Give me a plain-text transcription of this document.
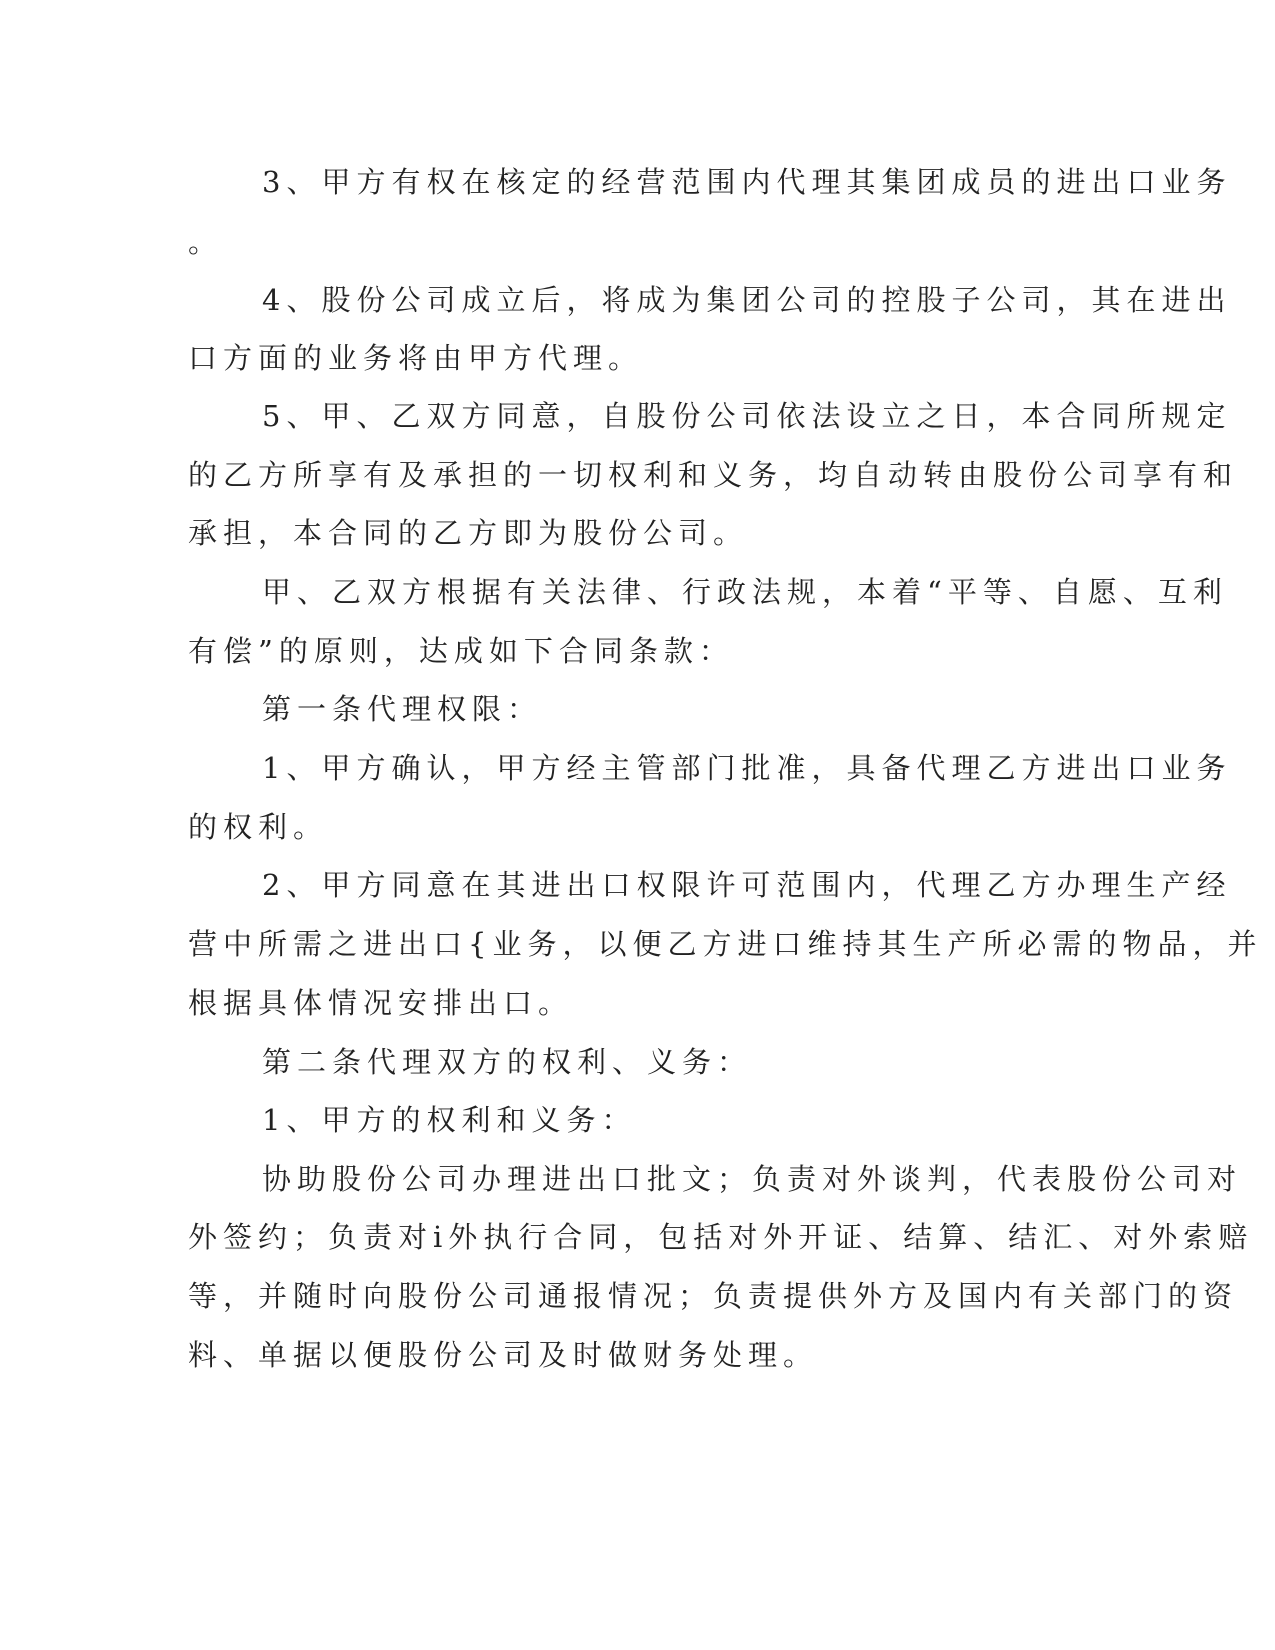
3、甲方有权在核定的经营范围内代理其集团成员的进出口业务
。
4、股份公司成立后，将成为集团公司的控股子公司，其在进出
口方面的业务将由甲方代理。
5、甲、乙双方同意，自股份公司依法设立之日，本合同所规定
的乙方所享有及承担的一切权利和义务，均自动转由股份公司享有和
承担，本合同的乙方即为股份公司。
甲、乙双方根据有关法律、行政法规，本着“平等、自愿、互利
有偿”的原则，达成如下合同条款：
第一条代理权限：
1、甲方确认，甲方经主管部门批准，具备代理乙方进出口业务
的权利。
2、甲方同意在其进出口权限许可范围内，代理乙方办理生产经
营中所需之进出口{业务，以便乙方进口维持其生产所必需的物品，并
根据具体情况安排出口。
第二条代理双方的权利、义务：
1、甲方的权利和义务：
协助股份公司办理进出口批文；负责对外谈判，代表股份公司对
外签约；负责对i外执行合同，包括对外开证、结算、结汇、对外索赔
等，并随时向股份公司通报情况；负责提供外方及国内有关部门的资
料、单据以便股份公司及时做财务处理。
